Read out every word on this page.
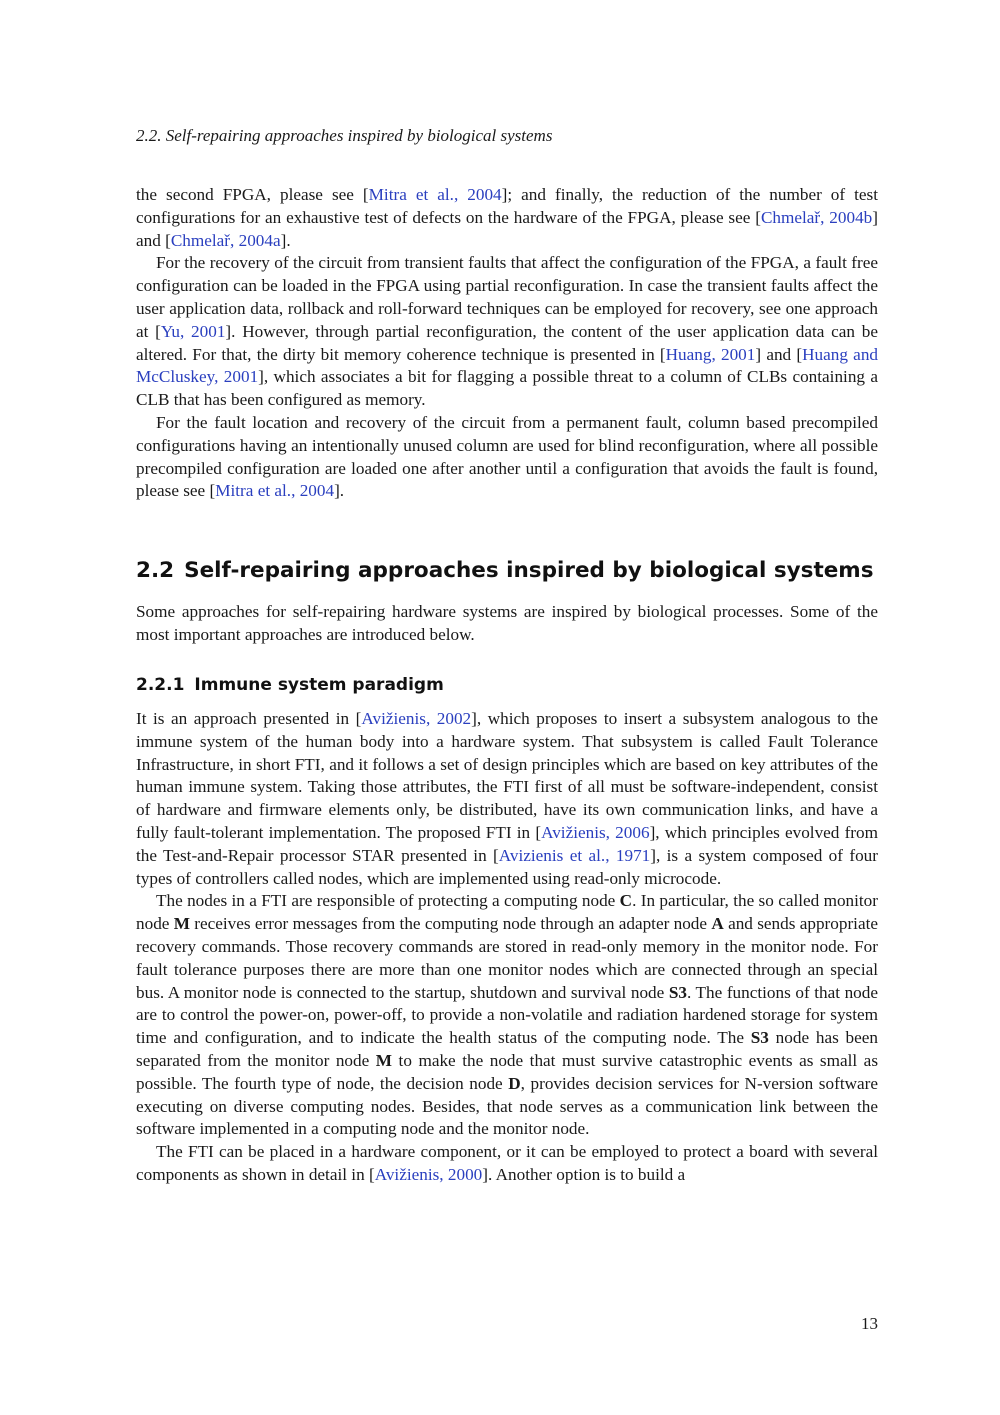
2.2. Self-repairing approaches inspired by biological systems

the second FPGA, please see [Mitra et al., 2004]; and finally, the reduction of the number of test configurations for an exhaustive test of defects on the hardware of the FPGA, please see [Chmelař, 2004b] and [Chmelař, 2004a].

For the recovery of the circuit from transient faults that affect the configuration of the FPGA, a fault free configuration can be loaded in the FPGA using partial reconfiguration. In case the transient faults affect the user application data, rollback and roll-forward techniques can be employed for recovery, see one approach at [Yu, 2001]. However, through partial reconfiguration, the content of the user application data can be altered. For that, the dirty bit memory coherence technique is presented in [Huang, 2001] and [Huang and McCluskey, 2001], which associates a bit for flagging a possible threat to a column of CLBs containing a CLB that has been configured as memory.

For the fault location and recovery of the circuit from a permanent fault, column based precompiled configurations having an intentionally unused column are used for blind reconfiguration, where all possible precompiled configuration are loaded one after another until a configuration that avoids the fault is found, please see [Mitra et al., 2004].

2.2 Self-repairing approaches inspired by biological systems

Some approaches for self-repairing hardware systems are inspired by biological processes. Some of the most important approaches are introduced below.

2.2.1 Immune system paradigm

It is an approach presented in [Avižienis, 2002], which proposes to insert a subsystem analogous to the immune system of the human body into a hardware system. That subsystem is called Fault Tolerance Infrastructure, in short FTI, and it follows a set of design principles which are based on key attributes of the human immune system. Taking those attributes, the FTI first of all must be software-independent, consist of hardware and firmware elements only, be distributed, have its own communication links, and have a fully fault-tolerant implementation. The proposed FTI in [Avižienis, 2006], which principles evolved from the Test-and-Repair processor STAR presented in [Avizienis et al., 1971], is a system composed of four types of controllers called nodes, which are implemented using read-only microcode.

The nodes in a FTI are responsible of protecting a computing node C. In particular, the so called monitor node M receives error messages from the computing node through an adapter node A and sends appropriate recovery commands. Those recovery commands are stored in read-only memory in the monitor node. For fault tolerance purposes there are more than one monitor nodes which are connected through an special bus. A monitor node is connected to the startup, shutdown and survival node S3. The functions of that node are to control the power-on, power-off, to provide a non-volatile and radiation hardened storage for system time and configuration, and to indicate the health status of the computing node. The S3 node has been separated from the monitor node M to make the node that must survive catastrophic events as small as possible. The fourth type of node, the decision node D, provides decision services for N-version software executing on diverse computing nodes. Besides, that node serves as a communication link between the software implemented in a computing node and the monitor node.

The FTI can be placed in a hardware component, or it can be employed to protect a board with several components as shown in detail in [Avižienis, 2000]. Another option is to build a

13
